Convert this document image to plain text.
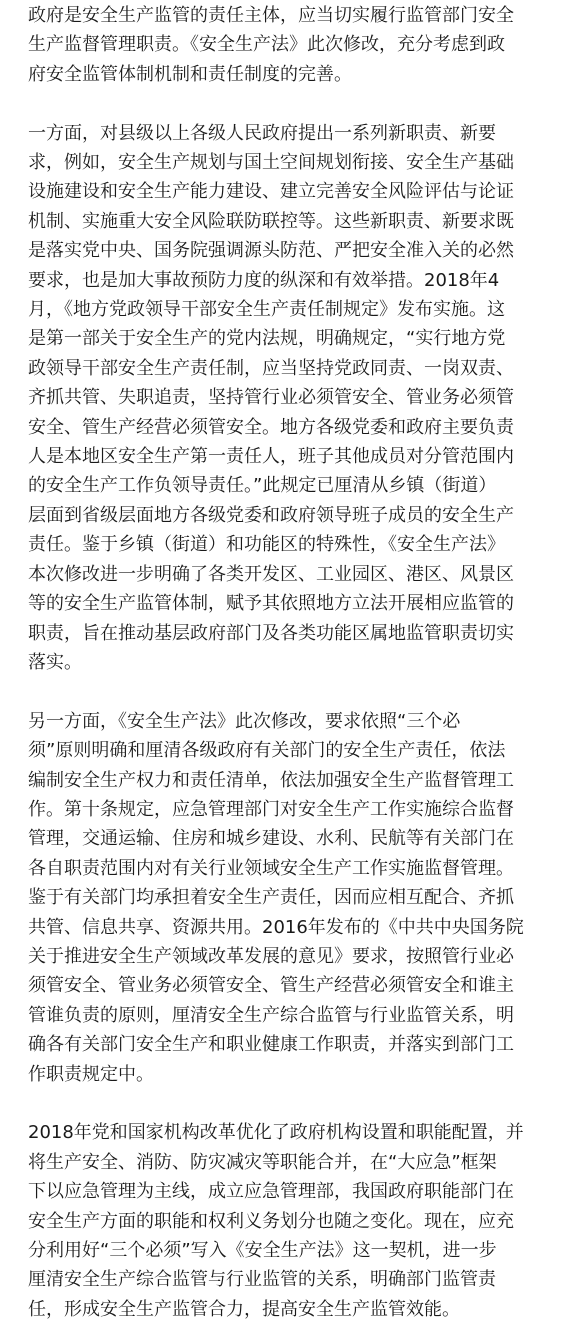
政府是安全生产监管的责任主体，应当切实履行监管部门安全
生产监督管理职责。《安全生产法》此次修改，充分考虑到政
府安全监管体制机制和责任制度的完善。

一方面，对县级以上各级人民政府提出一系列新职责、新要
求，例如，安全生产规划与国土空间规划衔接、安全生产基础
设施建设和安全生产能力建设、建立完善安全风险评估与论证
机制、实施重大安全风险联防联控等。这些新职责、新要求既
是落实党中央、国务院强调源头防范、严把安全准入关的必然
要求，也是加大事故预防力度的纵深和有效举措。2018年4
月，《地方党政领导干部安全生产责任制规定》发布实施。这
是第一部关于安全生产的党内法规，明确规定，“实行地方党
政领导干部安全生产责任制，应当坚持党政同责、一岗双责、
齐抓共管、失职追责，坚持管行业必须管安全、管业务必须管
安全、管生产经营必须管安全。地方各级党委和政府主要负责
人是本地区安全生产第一责任人，班子其他成员对分管范围内
的安全生产工作负领导责任。”此规定已厘清从乡镇（街道）
层面到省级层面地方各级党委和政府领导班子成员的安全生产
责任。鉴于乡镇（街道）和功能区的特殊性，《安全生产法》
本次修改进一步明确了各类开发区、工业园区、港区、风景区
等的安全生产监管体制，赋予其依照地方立法开展相应监管的
职责，旨在推动基层政府部门及各类功能区属地监管职责切实
落实。

另一方面，《安全生产法》此次修改，要求依照“三个必
须”原则明确和厘清各级政府有关部门的安全生产责任，依法
编制安全生产权力和责任清单，依法加强安全生产监督管理工
作。第十条规定，应急管理部门对安全生产工作实施综合监督
管理，交通运输、住房和城乡建设、水利、民航等有关部门在
各自职责范围内对有关行业领域安全生产工作实施监督管理。
鉴于有关部门均承担着安全生产责任，因而应相互配合、齐抓
共管、信息共享、资源共用。2016年发布的《中共中央国务院
关于推进安全生产领域改革发展的意见》要求，按照管行业必
须管安全、管业务必须管安全、管生产经营必须管安全和谁主
管谁负责的原则，厘清安全生产综合监管与行业监管关系，明
确各有关部门安全生产和职业健康工作职责，并落实到部门工
作职责规定中。

2018年党和国家机构改革优化了政府机构设置和职能配置，并
将生产安全、消防、防灾减灾等职能合并，在“大应急”框架
下以应急管理为主线，成立应急管理部，我国政府职能部门在
安全生产方面的职能和权利义务划分也随之变化。现在，应充
分利用好“三个必须”写入《安全生产法》这一契机，进一步
厘清安全生产综合监管与行业监管的关系，明确部门监管责
任，形成安全生产监管合力，提高安全生产监管效能。
